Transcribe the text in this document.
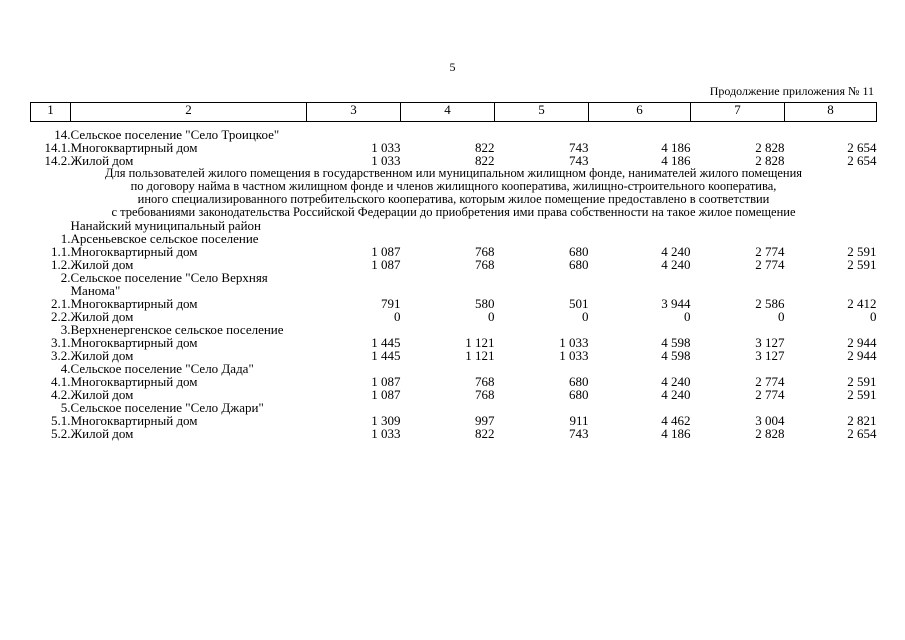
5
Продолжение приложения № 11
1	2	3	4	5	6	7	8

14.	Сельское поселение "Село Троицкое"						
14.1.	Многоквартирный дом	1 033	822	743	4 186	2 828	2 654
14.2.	Жилой дом	1 033	822	743	4 186	2 828	2 654

Для пользователей жилого помещения в государственном или муниципальном жилищном фонде, нанимателей жилого помещения
по договору найма в частном жилищном фонде и членов жилищного кооператива, жилищно-строительного кооператива,
иного специализированного потребительского кооператива, которым жилое помещение предоставлено в соответствии
с требованиями законодательства Российской Федерации до приобретения ими права собственности на такое жилое помещение							

	Нанайский муниципальный район						
1.	Арсеньевское сельское поселение						
1.1.	Многоквартирный дом	1 087	768	680	4 240	2 774	2 591
1.2.	Жилой дом	1 087	768	680	4 240	2 774	2 591
2.	Сельское поселение "Село Верхняя Манома"						
2.1.	Многоквартирный дом	791	580	501	3 944	2 586	2 412
2.2.	Жилой дом	0	0	0	0	0	0
3.	Верхненергенское сельское поселение						
3.1.	Многоквартирный дом	1 445	1 121	1 033	4 598	3 127	2 944
3.2.	Жилой дом	1 445	1 121	1 033	4 598	3 127	2 944
4.	Сельское поселение "Село Дада"						
4.1.	Многоквартирный дом	1 087	768	680	4 240	2 774	2 591
4.2.	Жилой дом	1 087	768	680	4 240	2 774	2 591
5.	Сельское поселение "Село Джари"						
5.1.	Многоквартирный дом	1 309	997	911	4 462	3 004	2 821
5.2.	Жилой дом	1 033	822	743	4 186	2 828	2 654
